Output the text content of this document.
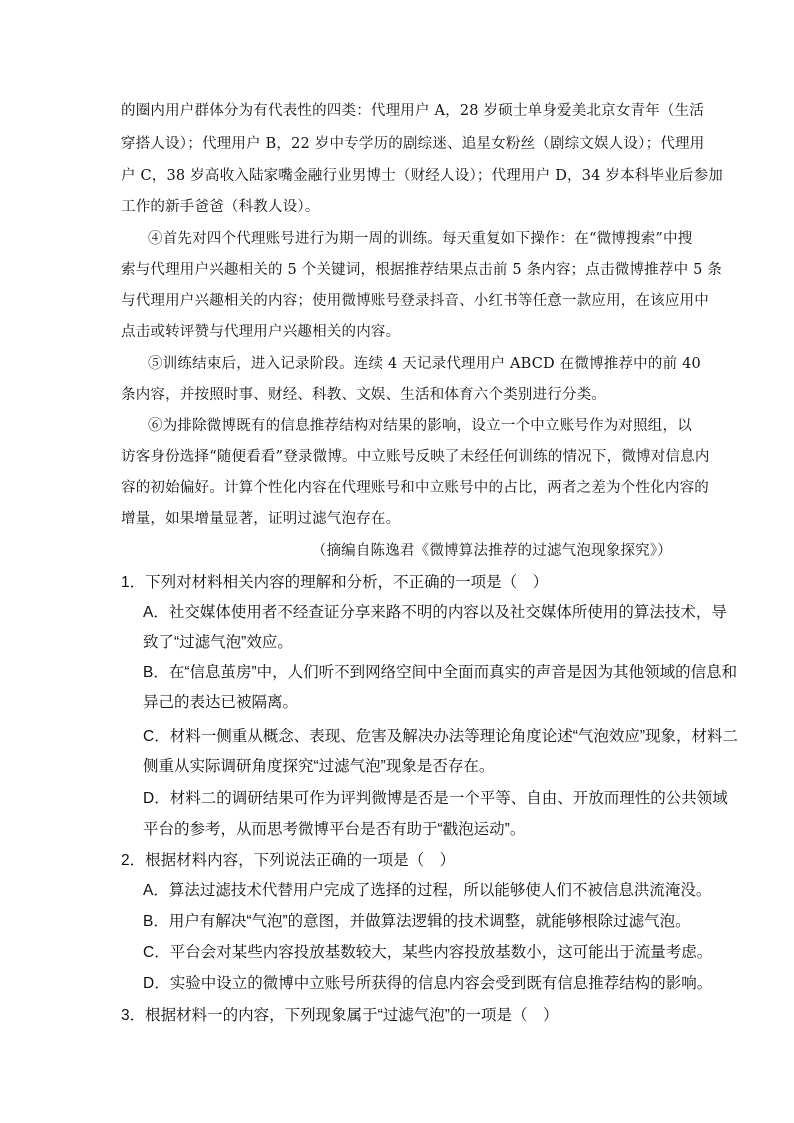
的圈内用户群体分为有代表性的四类：代理用户 A，28 岁硕士单身爱美北京女青年（生活
穿搭人设）；代理用户 B，22 岁中专学历的剧综迷、追星女粉丝（剧综文娱人设）；代理用
户 C，38 岁高收入陆家嘴金融行业男博士（财经人设）；代理用户 D，34 岁本科毕业后参加
工作的新手爸爸（科教人设）。
④首先对四个代理账号进行为期一周的训练。每天重复如下操作：在“微博搜索”中搜
索与代理用户兴趣相关的 5 个关键词，根据推荐结果点击前 5 条内容；点击微博推荐中 5 条
与代理用户兴趣相关的内容；使用微博账号登录抖音、小红书等任意一款应用，在该应用中
点击或转评赞与代理用户兴趣相关的内容。
⑤训练结束后，进入记录阶段。连续 4 天记录代理用户 ABCD 在微博推荐中的前 40
条内容，并按照时事、财经、科教、文娱、生活和体育六个类别进行分类。
⑥为排除微博既有的信息推荐结构对结果的影响，设立一个中立账号作为对照组，以
访客身份选择“随便看看”登录微博。中立账号反映了未经任何训练的情况下，微博对信息内
容的初始偏好。计算个性化内容在代理账号和中立账号中的占比，两者之差为个性化内容的
增量，如果增量显著，证明过滤气泡存在。
（摘编自陈逸君《微博算法推荐的过滤气泡现象探究》）
1．下列对材料相关内容的理解和分析，不正确的一项是（　）
A．社交媒体使用者不经查证分享来路不明的内容以及社交媒体所使用的算法技术，导
致了“过滤气泡”效应。
B．在“信息茧房”中，人们听不到网络空间中全面而真实的声音是因为其他领域的信息和
异己的表达已被隔离。
C．材料一侧重从概念、表现、危害及解决办法等理论角度论述“气泡效应”现象，材料二
侧重从实际调研角度探究“过滤气泡”现象是否存在。
D．材料二的调研结果可作为评判微博是否是一个平等、自由、开放而理性的公共领域
平台的参考，从而思考微博平台是否有助于“戳泡运动”。
2．根据材料内容，下列说法正确的一项是（　）
A．算法过滤技术代替用户完成了选择的过程，所以能够使人们不被信息洪流淹没。
B．用户有解决“气泡”的意图，并做算法逻辑的技术调整，就能够根除过滤气泡。
C．平台会对某些内容投放基数较大，某些内容投放基数小，这可能出于流量考虑。
D．实验中设立的微博中立账号所获得的信息内容会受到既有信息推荐结构的影响。
3．根据材料一的内容，下列现象属于“过滤气泡”的一项是（　）
